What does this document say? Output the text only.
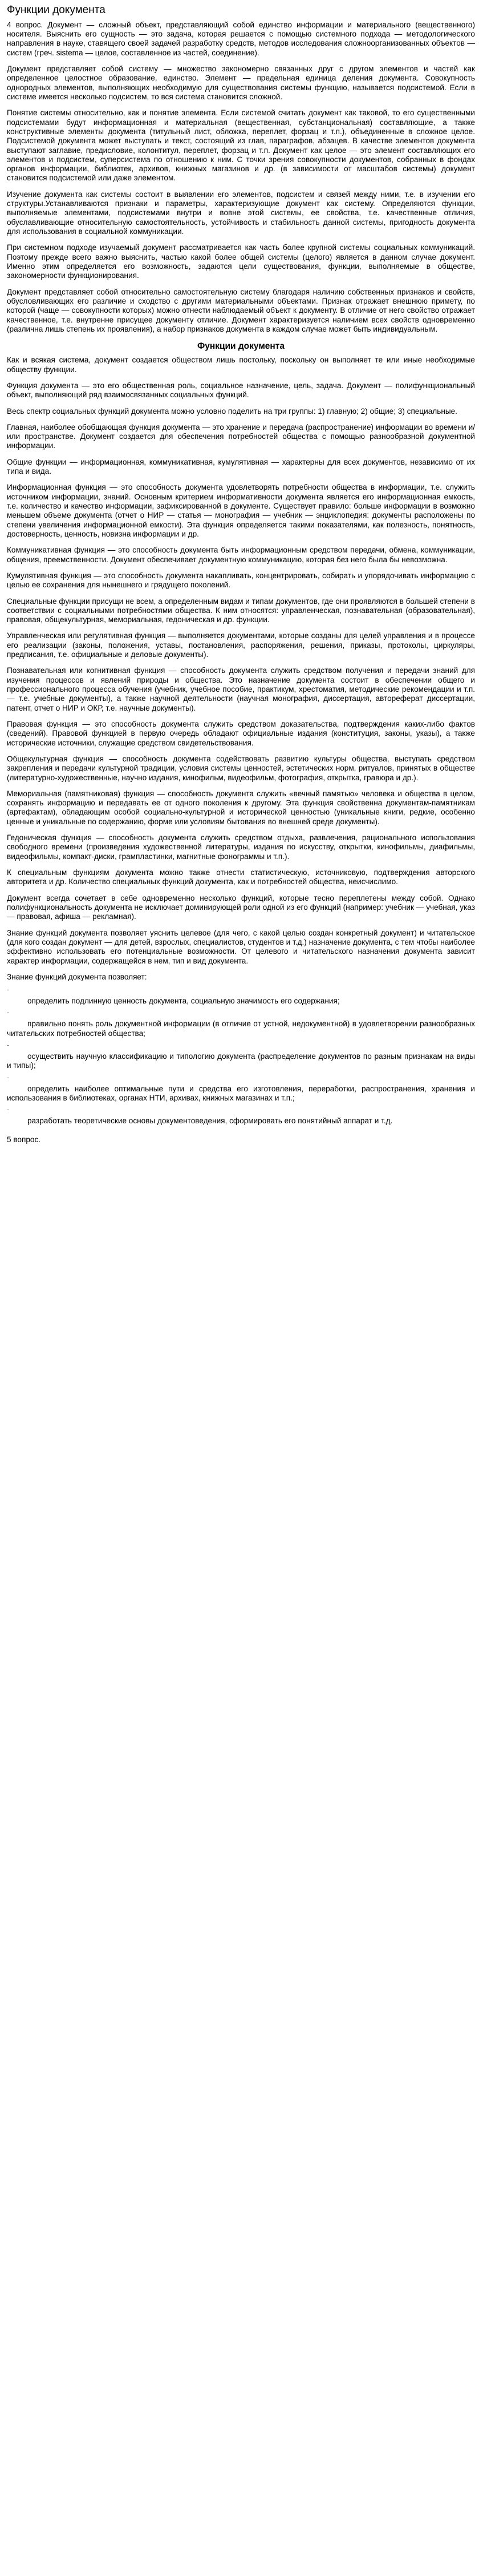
Функции документа

4 вопрос. Документ — сложный объект, представляющий собой единство информации и материального (вещественного) носителя. Выяснить его сущность — это задача, которая решается с помощью системного подхода — методологического направления в науке, ставящего своей задачей разработку средств, методов исследования сложноорганизованных объектов — систем (греч. sistema — целое, составленное из частей, соединение).

Документ представляет собой систему — множество закономерно связанных друг с другом элементов и частей как определенное целостное образование, единство. Элемент — предельная единица деления документа. Совокупность однородных элементов, выполняющих необходимую для существования системы функцию, называется подсистемой. Если в системе имеется несколько подсистем, то вся система становится сложной.

Понятие системы относительно, как и понятие элемента. Если системой считать документ как таковой, то его существенными подсистемами будут информационная и материальная (вещественная, субстанциональная) составляющие, а также конструктивные элементы документа (титульный лист, обложка, переплет, форзац и т.п.), объединенные в сложное целое. Подсистемой документа может выступать и текст, состоящий из глав, параграфов, абзацев. В качестве элементов документа выступают заглавие, предисловие, колонтитул, переплет, форзац и т.п. Документ как целое — это элемент составляющих его элементов и подсистем, суперсистема по отношению к ним. С точки зрения совокупности документов, собранных в фондах органов информации, библиотек, архивов, книжных магазинов и др. (в зависимости от масштабов системы) документ становится подсистемой или даже элементом.

Изучение документа как системы состоит в выявлении его элементов, подсистем и связей между ними, т.е. в изучении его структуры.Устанавливаются признаки и параметры, характеризующие документ как систему. Определяются функции, выполняемые элементами, подсистемами внутри и вовне этой системы, ее свойства, т.е. качественные отличия, обуславливающие относительную самостоятельность, устойчивость и стабильность данной системы, пригодность документа для использования в социальной коммуникации.

При системном подходе изучаемый документ рассматривается как часть более крупной системы социальных коммуникаций. Поэтому прежде всего важно выяснить, частью какой более общей системы (целого) является в данном случае документ. Именно этим определяется его возможность, задаются цели существования, функции, выполняемые в обществе, закономерности функционирования.

Документ представляет собой относительно самостоятельную систему благодаря наличию собственных признаков и свойств, обусловливающих его различие и сходство с другими материальными объектами. Признак отражает внешнюю примету, по которой (чаще — совокупности которых) можно отнести наблюдаемый объект к документу. В отличие от него свойство отражает качественное, т.е. внутренне присущее документу отличие. Документ характеризуется наличием всех свойств одновременно (различна лишь степень их проявления), а набор признаков документа в каждом случае может быть индивидуальным.

Функции документа

Как и всякая система, документ создается обществом лишь постольку, поскольку он выполняет те или иные необходимые обществу функции.

Функция документа — это его общественная роль, социальное назначение, цель, задача. Документ — полифункциональный объект, выполняющий ряд взаимосвязанных социальных функций.

Весь спектр социальных функций документа можно условно поделить на три группы: 1) главную; 2) общие; 3) специальные.

Главная, наиболее обобщающая функция документа — это хранение и передача (распространение) информации во времени и/или пространстве. Документ создается для обеспечения потребностей общества с помощью разнообразной документной информации.

Общие функции — информационная, коммуникативная, кумулятивная — характерны для всех документов, независимо от их типа и вида.

Информационная функция — это способность документа удовлетворять потребности общества в информации, т.е. служить источником информации, знаний. Основным критерием информативности документа является его информационная емкость, т.е. количество и качество информации, зафиксированной в документе. Существует правило: больше информации в возможно меньшем объеме документа (отчет о НИР — статья — монография — учебник — энциклопедия: документы расположены по степени увеличения информационной емкости). Эта функция определяется такими показателями, как полезность, понятность, достоверность, ценность, новизна информации и др.

Коммуникативная функция — это способность документа быть информационным средством передачи, обмена, коммуникации, общения, преемственности. Документ обеспечивает документную коммуникацию, которая без него была бы невозможна.

Кумулятивная функция — это способность документа накапливать, концентрировать, собирать и упорядочивать информацию с целью ее сохранения для нынешнего и грядущего поколений.

Специальные функции присущи не всем, а определенным видам и типам документов, где они проявляются в большей степени в соответствии с социальными потребностями общества. К ним относятся: управленческая, познавательная (образовательная), правовая, общекультурная, мемориальная, гедоническая и др. функции.

Управленческая или регулятивная функция — выполняется документами, которые созданы для целей управления и в процессе его реализации (законы, положения, уставы, постановления, распоряжения, решения, приказы, протоколы, циркуляры, предписания, т.е. официальные и деловые документы).

Познавательная или когнитивная функция — способность документа служить средством получения и передачи знаний для изучения процессов и явлений природы и общества. Это назначение документа состоит в обеспечении общего и профессионального процесса обучения (учебник, учебное пособие, практикум, хрестоматия, методические рекомендации и т.п. — т.е. учебные документы), а также научной деятельности (научная монография, диссертация, автореферат диссертации, патент, отчет о НИР и ОКР, т.е. научные документы).

Правовая функция — это способность документа служить средством доказательства, подтверждения каких-либо фактов (сведений). Правовой функцией в первую очередь обладают официальные издания (конституция, законы, указы), а также исторические источники, служащие средством свидетельствования.

Общекультурная функция — способность документа содействовать развитию культуры общества, выступать средством закрепления и передачи культурной традиции, условия системы ценностей, эстетических норм, ритуалов, принятых в обществе (литературно-художественные, научно издания, кинофильм, видеофильм, фотография, открытка, гравюра и др.).

Мемориальная (памятниковая) функция — способность документа служить «вечный памятью» человека и общества в целом, сохранять информацию и передавать ее от одного поколения к другому. Эта функция свойственна документам-памятникам (артефактам), обладающим особой социально-культурной и исторической ценностью (уникальные книги, редкие, особенно ценные и уникальные по содержанию, форме или условиям бытования во внешней среде документы).

Гедоническая функция — способность документа служить средством отдыха, развлечения, рационального использования свободного времени (произведения художественной литературы, издания по искусству, открытки, кинофильмы, диафильмы, видеофильмы, компакт-диски, грампластинки, магнитные фонограммы и т.п.).

К специальным функциям документа можно также отнести статистическую, источниковую, подтверждения авторского авторитета и др. Количество специальных функций документа, как и потребностей общества, неисчислимо.

Документ всегда сочетает в себе одновременно несколько функций, которые тесно переплетены между собой. Однако полифункциональность документа не исключает доминирующей роли одной из его функций (например: учебник — учебная, указ — правовая, афиша — рекламная).

Знание функций документа позволяет уяснить целевое (для чего, с какой целью создан конкретный документ) и читательское (для кого создан документ — для детей, взрослых, специалистов, студентов и т.д.) назначение документа, с тем чтобы наиболее эффективно использовать его потенциальные возможности. От целевого и читательского назначения документа зависит характер информации, содержащейся в нем, тип и вид документа.

Знание функций документа позволяет:

¨
определить подлинную ценность документа, социальную значимость его содержания;
¨
правильно понять роль документной информации (в отличие от устной, недокументной) в удовлетворении разнообразных читательских потребностей общества;
¨
осуществить научную классификацию и типологию документа (распределение документов по разным признакам на виды и типы);
¨
определить наиболее оптимальные пути и средства его изготовления, переработки, распространения, хранения и использования в библиотеках, органах НТИ, архивах, книжных магазинах и т.п.;
¨
разработать теоретические основы документоведения, сформировать его понятийный аппарат и т.д.
5 вопрос.
